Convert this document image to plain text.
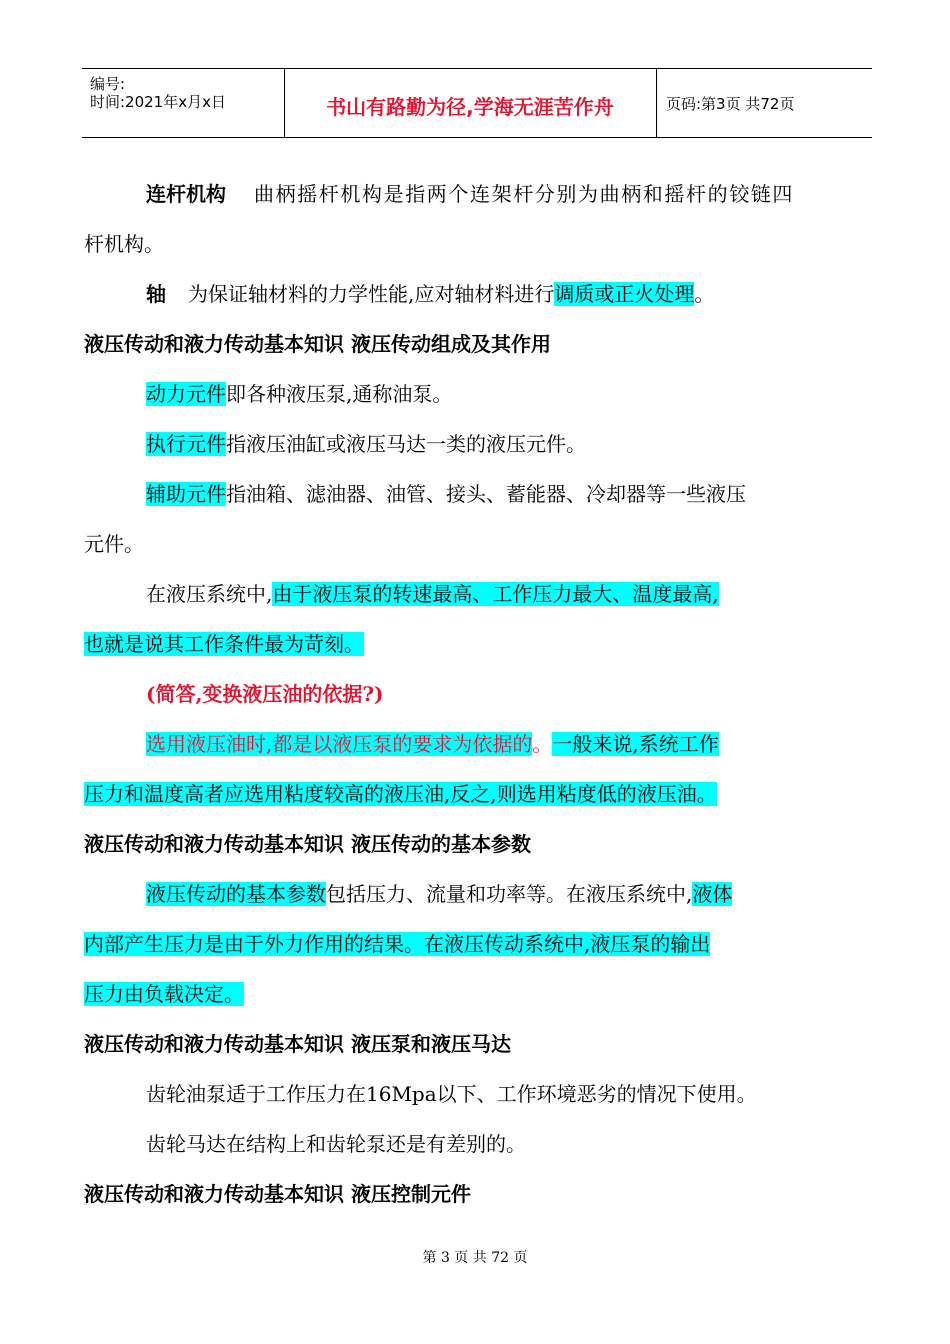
编号:
时间:2021年x月x日	书山有路勤为径,学海无涯苦作舟	页码:第3页 共72页
连杆机构 曲柄摇杆机构是指两个连架杆分别为曲柄和摇杆的铰链四
杆机构。
轴 为保证轴材料的力学性能,应对轴材料进行调质或正火处理。
液压传动和液力传动基本知识 液压传动组成及其作用
动力元件即各种液压泵,通称油泵。
执行元件指液压油缸或液压马达一类的液压元件。
辅助元件指油箱、滤油器、油管、接头、蓄能器、冷却器等一些液压
元件。
在液压系统中,由于液压泵的转速最高、工作压力最大、温度最高,
也就是说其工作条件最为苛刻。
(简答,变换液压油的依据?)
选用液压油时,都是以液压泵的要求为依据的。一般来说,系统工作
压力和温度高者应选用粘度较高的液压油,反之,则选用粘度低的液压油。
液压传动和液力传动基本知识 液压传动的基本参数
液压传动的基本参数包括压力、流量和功率等。在液压系统中,液体
内部产生压力是由于外力作用的结果。在液压传动系统中,液压泵的输出
压力由负载决定。
液压传动和液力传动基本知识 液压泵和液压马达
齿轮油泵适于工作压力在16Mpa以下、工作环境恶劣的情况下使用。
齿轮马达在结构上和齿轮泵还是有差别的。
液压传动和液力传动基本知识 液压控制元件
第 3 页 共 72 页
